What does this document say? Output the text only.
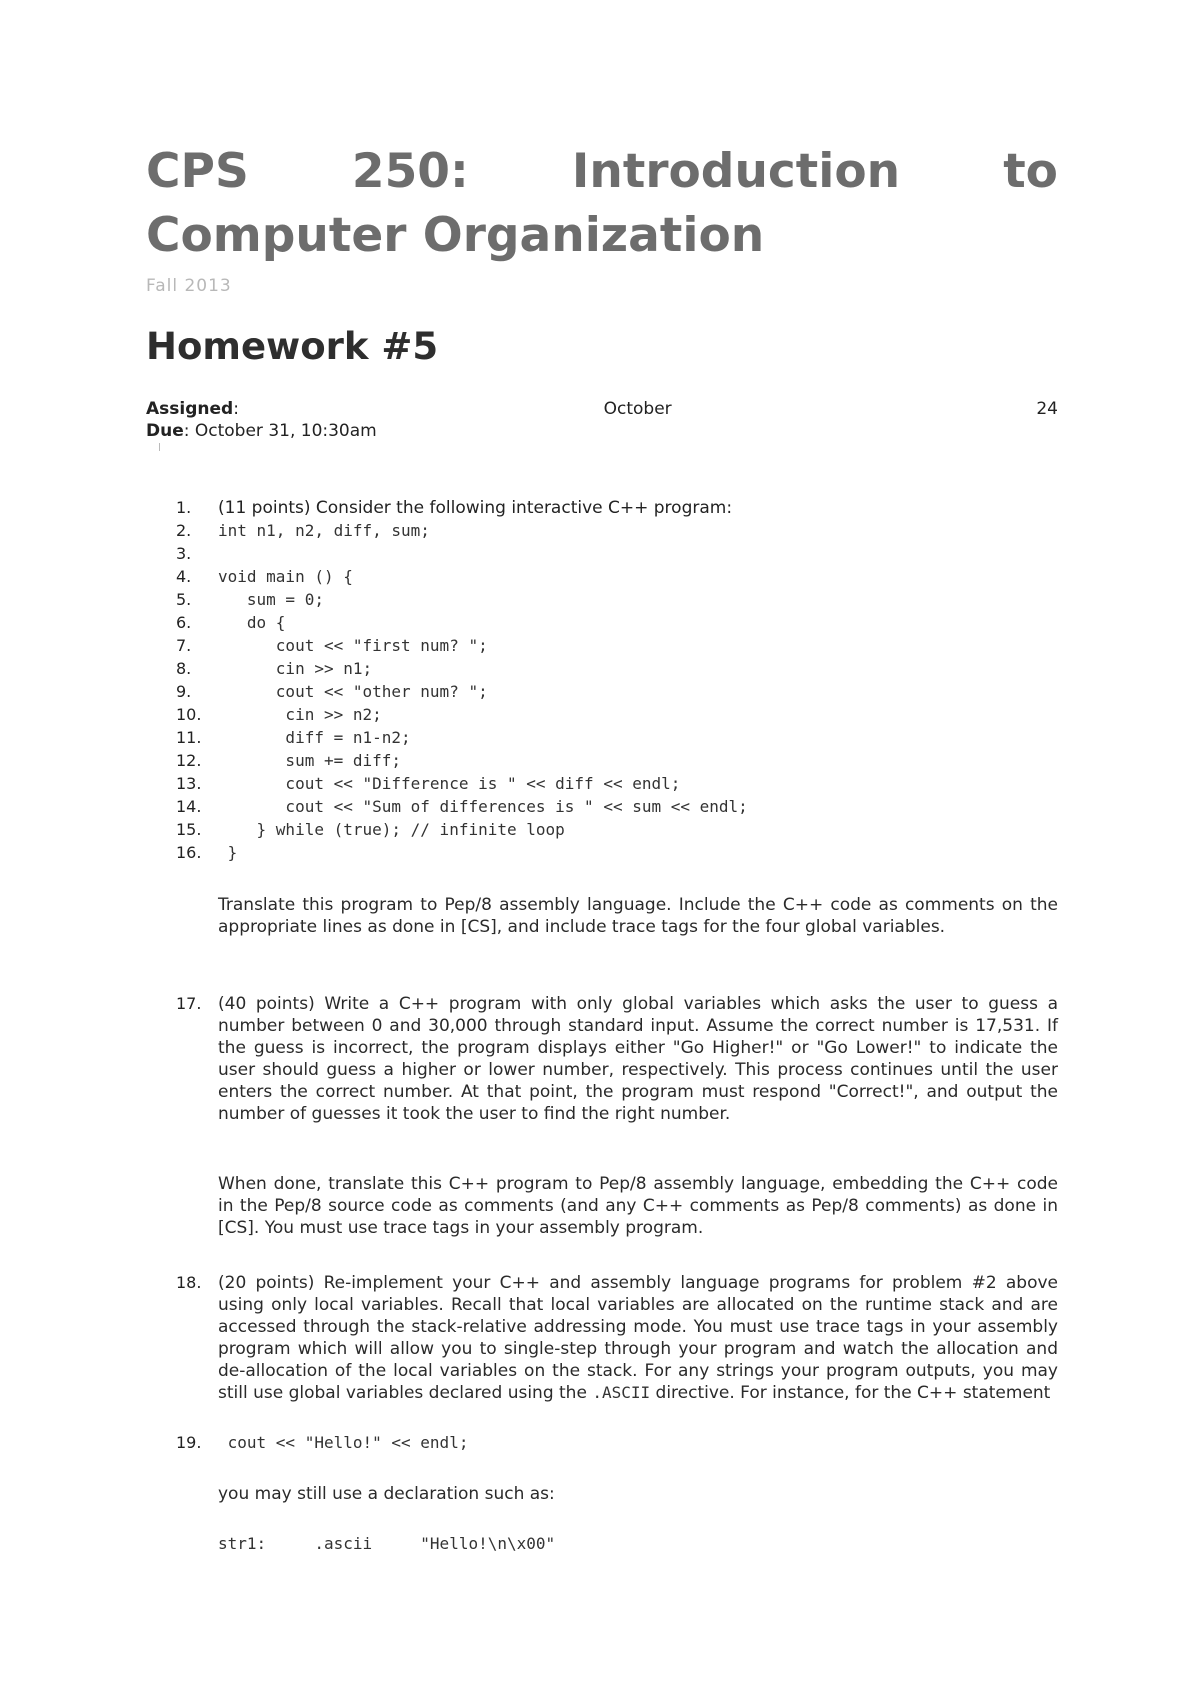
CPS 250: Introduction to
Computer Organization

Fall 2013

Homework #5
Assigned:	October	24
Due: October 31, 10:30am
|
1.	(11 points) Consider the following interactive C++ program:
2.	int n1, n2, diff, sum;
3.
4.	void main () {
5.	sum = 0;
6.	do {
7.	cout << "first num? ";
8.	cin >> n1;
9.	cout << "other num? ";
10.	cin >> n2;
11.	diff = n1-n2;
12.	sum += diff;
13.	cout << "Difference is " << diff << endl;
14.	cout << "Sum of differences is " << sum << endl;
15.	} while (true); // infinite loop
16.	}

Translate this program to Pep/8 assembly language. Include the C++ code as comments on the appropriate lines as done in [CS], and include trace tags for the four global variables.

17. (40 points) Write a C++ program with only global variables which asks the user to guess a number between 0 and 30,000 through standard input. Assume the correct number is 17,531. If the guess is incorrect, the program displays either "Go Higher!" or "Go Lower!" to indicate the user should guess a higher or lower number, respectively. This process continues until the user enters the correct number. At that point, the program must respond "Correct!", and output the number of guesses it took the user to find the right number.

When done, translate this C++ program to Pep/8 assembly language, embedding the C++ code in the Pep/8 source code as comments (and any C++ comments as Pep/8 comments) as done in [CS]. You must use trace tags in your assembly program.

18. (20 points) Re-implement your C++ and assembly language programs for problem #2 above using only local variables. Recall that local variables are allocated on the runtime stack and are accessed through the stack-relative addressing mode. You must use trace tags in your assembly program which will allow you to single-step through your program and watch the allocation and de-allocation of the local variables on the stack. For any strings your program outputs, you may still use global variables declared using the .ASCII directive. For instance, for the C++ statement

19.	cout << "Hello!" << endl;

you may still use a declaration such as:

str1:     .ascii     "Hello!\n\x00"
